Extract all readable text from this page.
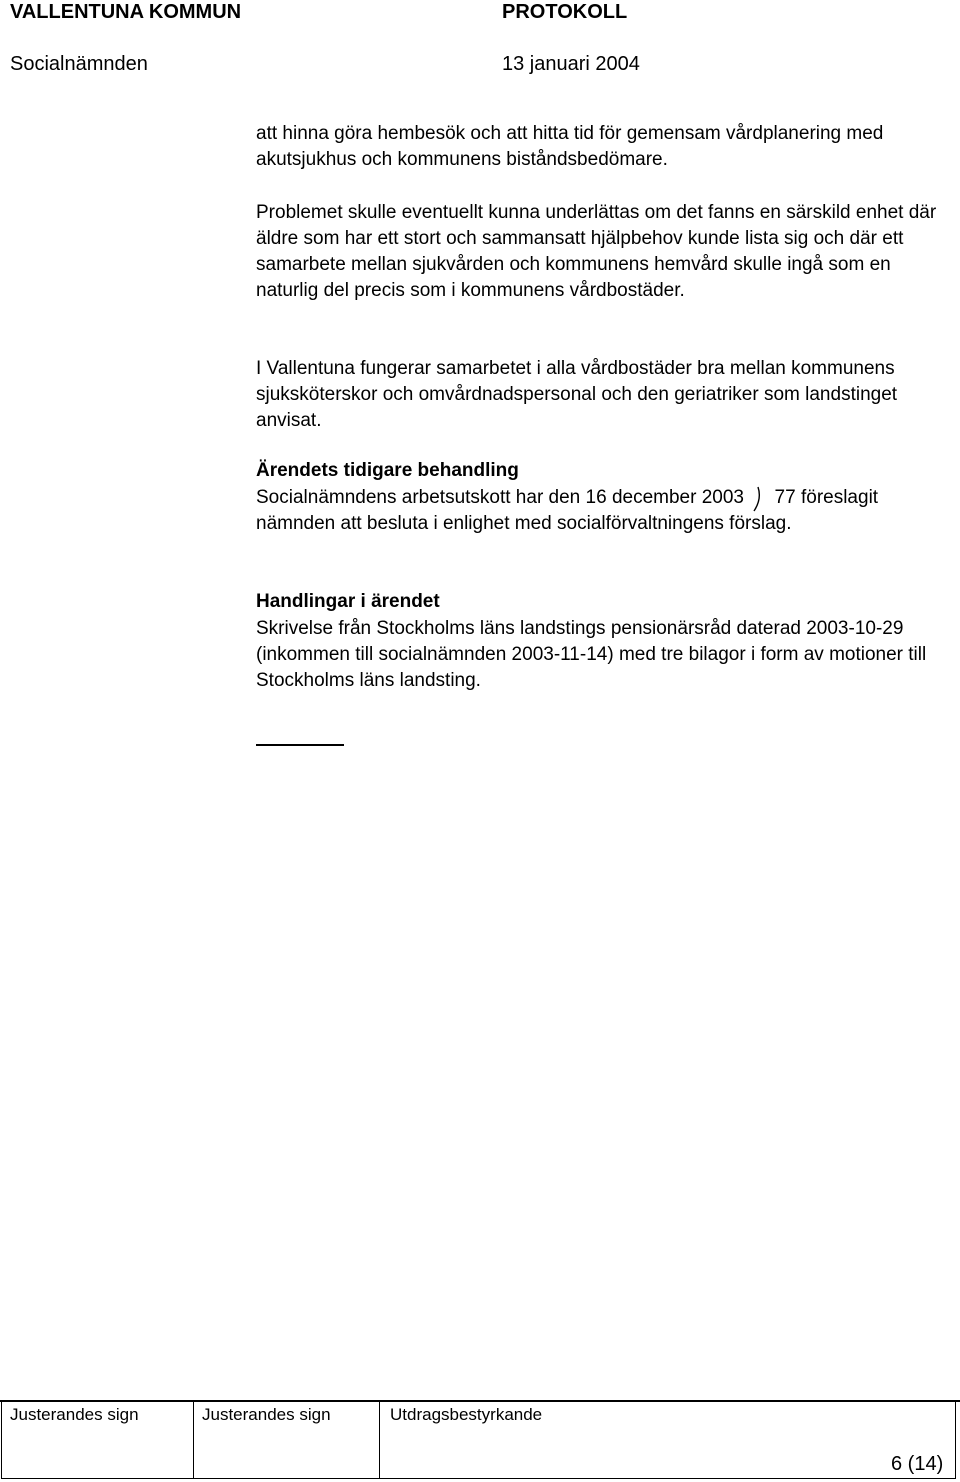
VALLENTUNA KOMMUN	PROTOKOLL
Socialnämnden	13 januari 2004

att hinna göra hembesök och att hitta tid för gemensam vårdplanering med akutsjukhus och kommunens biståndsbedömare.

Problemet skulle eventuellt kunna underlättas om det fanns en särskild enhet där äldre som har ett stort och sammansatt hjälpbehov kunde lista sig och där ett samarbete mellan sjukvården och kommunens hemvård skulle ingå som en naturlig del precis som i kommunens vårdbostäder.

I Vallentuna fungerar samarbetet i alla vårdbostäder bra mellan kommunens sjuksköterskor och omvårdnadspersonal och den geriatriker som landstinget anvisat.

Ärendets tidigare behandling
Socialnämndens arbetsutskott har den 16 december 2003 77 föreslagit nämnden att besluta i enlighet med socialförvaltningens förslag.
Handlingar i ärendet
Skrivelse från Stockholms läns landstings pensionärsråd daterad 2003-10-29 (inkommen till socialnämnden 2003-11-14) med tre bilagor i form av motioner till Stockholms läns landsting.
Justerandes sign	Justerandes sign	Utdragsbestyrkande
6 (14)
